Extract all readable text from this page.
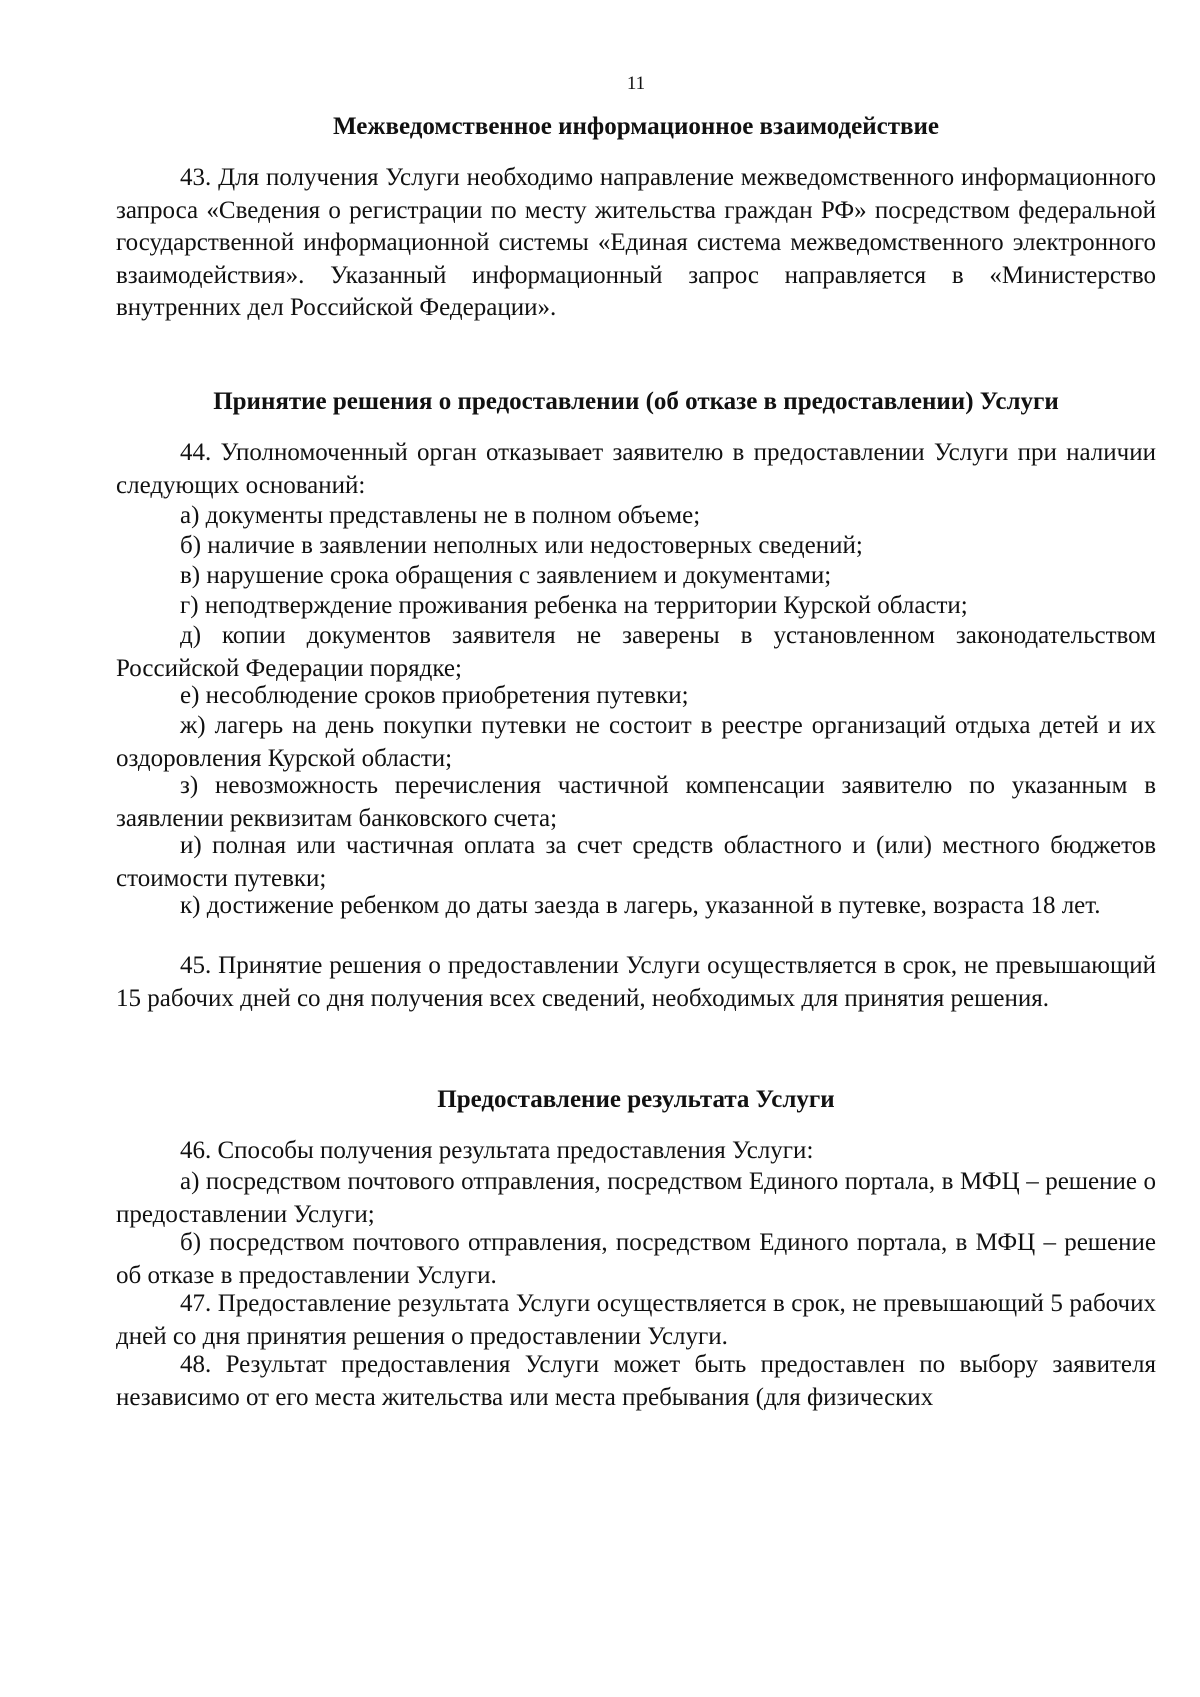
11
Межведомственное информационное взаимодействие

43. Для получения Услуги необходимо направление межведомственного информационного запроса «Сведения о регистрации по месту жительства граждан РФ» посредством федеральной государственной информационной системы «Единая система межведомственного электронного взаимодействия». Указанный информационный запрос направляется в «Министерство внутренних дел Российской Федерации».

Принятие решения о предоставлении (об отказе в предоставлении) Услуги

44. Уполномоченный орган отказывает заявителю в предоставлении Услуги при наличии следующих оснований:

а) документы представлены не в полном объеме;

б) наличие в заявлении неполных или недостоверных сведений;

в) нарушение срока обращения с заявлением и документами;

г) неподтверждение проживания ребенка на территории Курской области;

д) копии документов заявителя не заверены в установленном законодательством Российской Федерации порядке;

е) несоблюдение сроков приобретения путевки;

ж) лагерь на день покупки путевки не состоит в реестре организаций отдыха детей и их оздоровления Курской области;

з) невозможность перечисления частичной компенсации заявителю по указанным в заявлении реквизитам банковского счета;

и) полная или частичная оплата за счет средств областного и (или) местного бюджетов стоимости путевки;

к) достижение ребенком до даты заезда в лагерь, указанной в путевке, возраста 18 лет.

45. Принятие решения о предоставлении Услуги осуществляется в срок, не превышающий 15 рабочих дней со дня получения всех сведений, необходимых для принятия решения.

Предоставление результата Услуги

46. Способы получения результата предоставления Услуги:

а) посредством почтового отправления, посредством Единого портала, в МФЦ – решение о предоставлении Услуги;

б) посредством почтового отправления, посредством Единого портала, в МФЦ – решение об отказе в предоставлении Услуги.

47. Предоставление результата Услуги осуществляется в срок, не превышающий 5 рабочих дней со дня принятия решения о предоставлении Услуги.

48. Результат предоставления Услуги может быть предоставлен по выбору заявителя независимо от его места жительства или места пребывания (для физических
